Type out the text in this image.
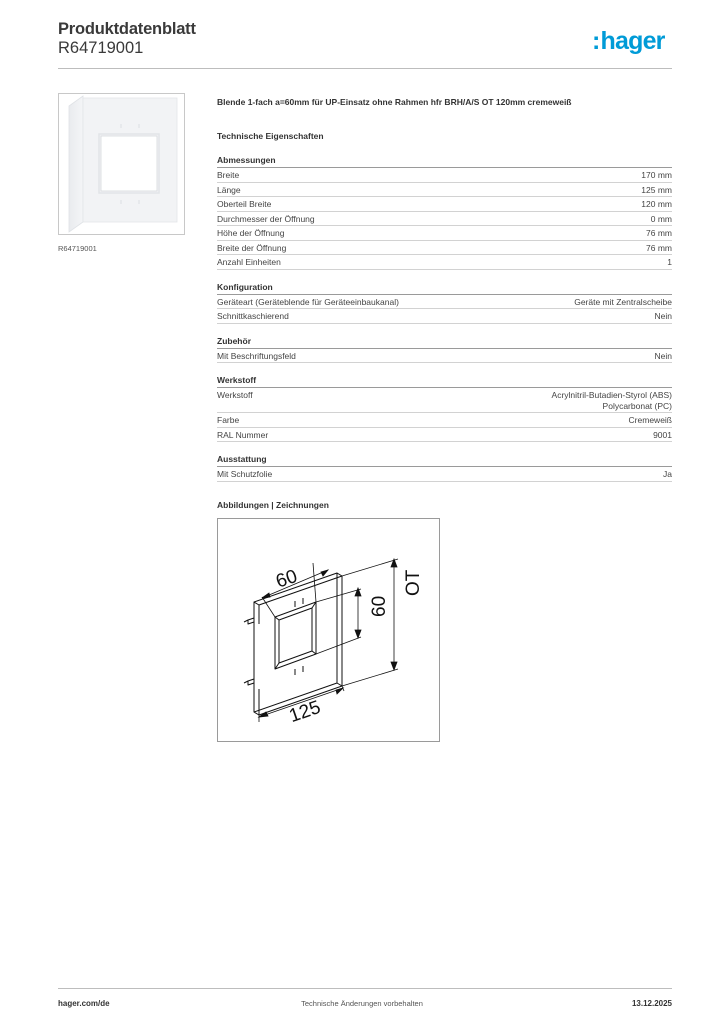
Produktdatenblatt
R64719001	:hager
R64719001
Blende 1-fach a=60mm für UP-Einsatz ohne Rahmen hfr BRH/A/S OT 120mm cremeweiß
Technische Eigenschaften
Abmessungen
Breite	170 mm
Länge	125 mm
Oberteil Breite	120 mm
Durchmesser der Öffnung	0 mm
Höhe der Öffnung	76 mm
Breite der Öffnung	76 mm
Anzahl Einheiten	1
Konfiguration
Geräteart (Geräteblende für Geräteeinbaukanal)	Geräte mit Zentralscheibe
Schnittkaschierend	Nein
Zubehör
Mit Beschriftungsfeld	Nein
Werkstoff
Werkstoff	Acrylnitril-Butadien-Styrol (ABS)
Polycarbonat (PC)
Farbe	Cremeweiß
RAL Nummer	9001
Ausstattung
Mit Schutzfolie	Ja
Abbildungen | Zeichnungen
60
60
OT
125
hager.com/de	Technische Änderungen vorbehalten	13.12.2025
